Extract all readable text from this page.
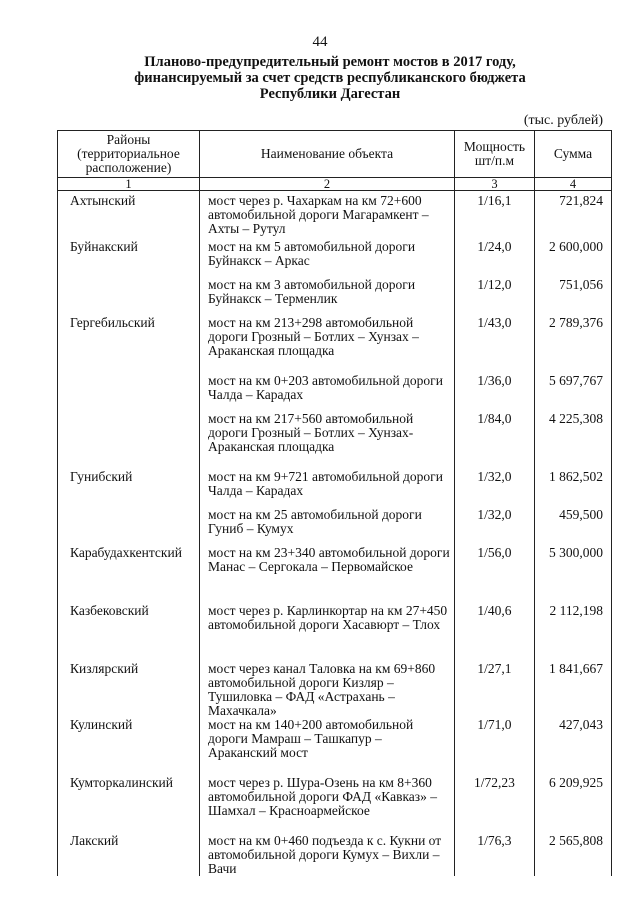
44
Планово-предупредительный ремонт мостов в 2017 году,
финансируемый за счет средств республиканского бюджета
Республики Дагестан
(тыс. рублей)
Районы (территориальное расположение)	Наименование объекта	Мощность шт/п.м	Сумма
1	2	3	4
Ахтынский	мост через р. Чахаркам на км 72+600 автомобильной дороги Магарамкент – Ахты – Рутул	1/16,1	721,824
Буйнакский	мост на км 5 автомобильной дороги Буйнакск – Аркас	1/24,0	2 600,000
	мост на км 3 автомобильной дороги Буйнакск – Терменлик	1/12,0	751,056
Гергебильский	мост на км 213+298 автомобильной дороги Грозный – Ботлих – Хунзах – Араканская площадка	1/43,0	2 789,376
	мост на км 0+203 автомобильной дороги Чалда – Карадах	1/36,0	5 697,767
	мост на км 217+560 автомобильной дороги Грозный – Ботлих – Хунзах-Араканская площадка	1/84,0	4 225,308
Гунибский	мост на км 9+721 автомобильной дороги Чалда – Карадах	1/32,0	1 862,502
	мост на км 25 автомобильной дороги Гуниб – Кумух	1/32,0	459,500
Карабудахкентский	мост на км 23+340 автомобильной дороги Манас – Сергокала – Первомайское	1/56,0	5 300,000
Казбековский	мост через р. Карлинкортар на км 27+450 автомобильной дороги Хасавюрт – Тлох	1/40,6	2 112,198
Кизлярский	мост через канал Таловка на км 69+860 автомобильной дороги Кизляр – Тушиловка – ФАД «Астрахань – Махачкала»	1/27,1	1 841,667
Кулинский	мост на км 140+200 автомобильной дороги Мамраш – Ташкапур – Араканский мост	1/71,0	427,043
Кумторкалинский	мост через р. Шура-Озень на км 8+360 автомобильной дороги ФАД «Кавказ» – Шамхал – Красноармейское	1/72,23	6 209,925
Лакский	мост на км 0+460 подъезда к с. Кукни от автомобильной дороги Кумух – Вихли – Вачи	1/76,3	2 565,808
